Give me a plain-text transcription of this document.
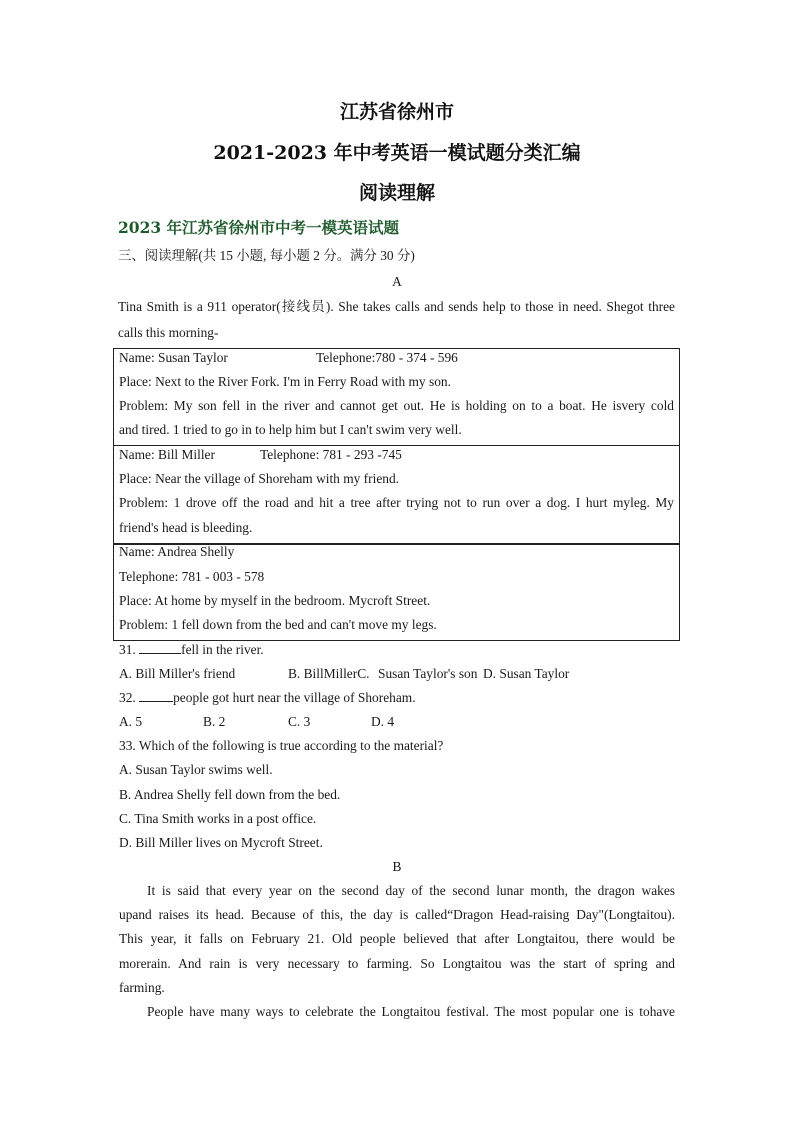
江苏省徐州市
2021-2023 年中考英语一模试题分类汇编
阅读理解
2023 年江苏省徐州市中考一模英语试题
三、阅读理解(共 15 小题, 每小题 2 分。满分 30 分)
A
Tina Smith is a 911 operator(接线员). She takes calls and sends help to those in need. Shegot three
calls this morning-
Name: Susan Taylor	Telephone:780 - 374 - 596
Place: Next to the River Fork. I'm in Ferry Road with my son.
Problem: My son fell in the river and cannot get out. He is holding on to a boat. He isvery cold
and tired. 1 tried to go in to help him but I can't swim very well.
Name: Bill Miller	Telephone: 781 - 293 -745
Place: Near the village of Shoreham with my friend.
Problem: 1 drove off the road and hit a tree after trying not to run over a dog. I hurt myleg. My
friend's head is bleeding.
Name: Andrea Shelly
Telephone: 781 - 003 - 578
Place: At home by myself in the bedroom. Mycroft Street.
Problem: 1 fell down from the bed and can't move my legs.
31.	fell in the river.
A. Bill Miller's friend	B. BillMillerC. Susan Taylor's son D. Susan Taylor
32.	people got hurt near the village of Shoreham.
A. 5	B. 2	C. 3	D. 4
33. Which of the following is true according to the material?
A. Susan Taylor swims well.
B. Andrea Shelly fell down from the bed.
C. Tina Smith works in a post office.
D. Bill Miller lives on Mycroft Street.
B
It is said that every year on the second day of the second lunar month, the dragon wakes
upand raises its head. Because of this, the day is called“Dragon Head-raising Day"(Longtaitou).
This year, it falls on February 21. Old people believed that after Longtaitou, there would be
morerain. And rain is very necessary to farming. So Longtaitou was the start of spring and
farming.
People have many ways to celebrate the Longtaitou festival. The most popular one is tohave
